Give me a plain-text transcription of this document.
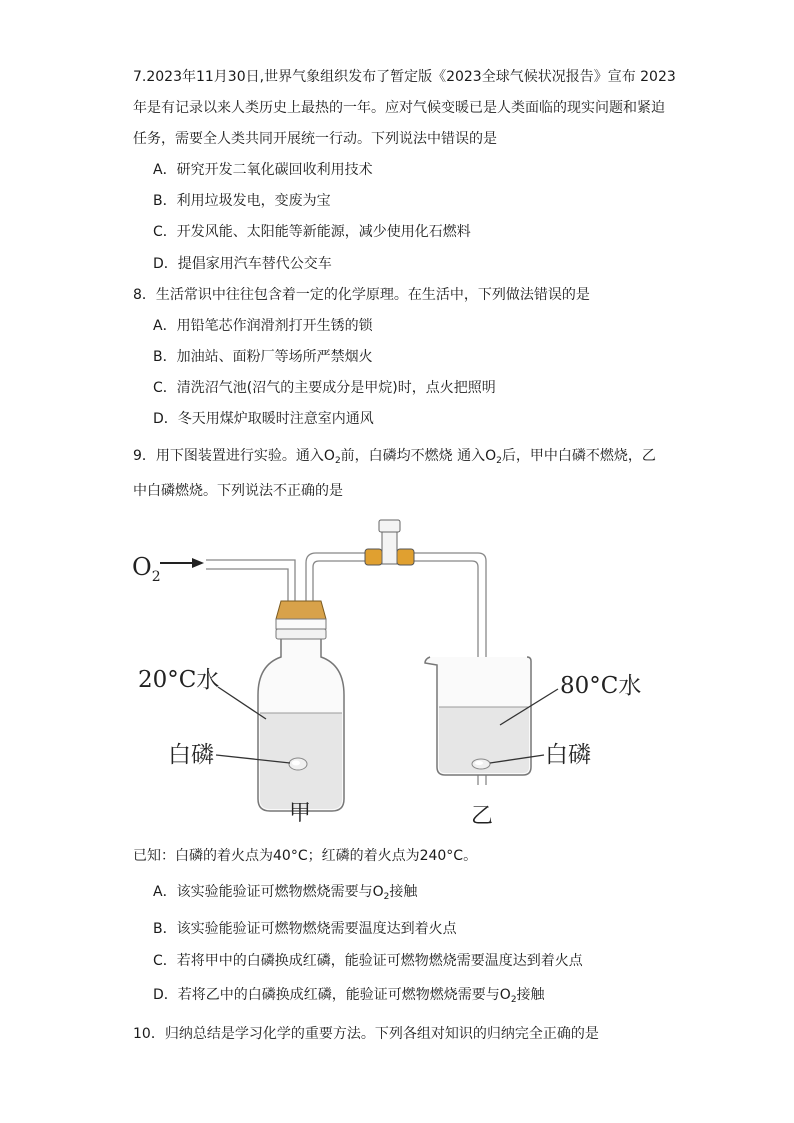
7.2023年11月30日,世界气象组织发布了暂定版《2023全球气候状况报告》宣布 2023
年是有记录以来人类历史上最热的一年。应对气候变暖已是人类面临的现实问题和紧迫
任务，需要全人类共同开展统一行动。下列说法中错误的是
A．研究开发二氧化碳回收利用技术
B．利用垃圾发电，变废为宝
C．开发风能、太阳能等新能源，减少使用化石燃料
D．提倡家用汽车替代公交车
8．生活常识中往往包含着一定的化学原理。在生活中，下列做法错误的是
A．用铅笔芯作润滑剂打开生锈的锁
B．加油站、面粉厂等场所严禁烟火
C．清洗沼气池(沼气的主要成分是甲烷)时，点火把照明
D．冬天用煤炉取暖时注意室内通风
9．用下图装置进行实验。通入$O_2$前，白磷均不燃烧 通入$O_2$后，甲中白磷不燃烧，乙
中白磷燃烧。下列说法不正确的是
$O_2$
20°C水
白磷
80°C水
白磷
甲	乙
已知：白磷的着火点为40°C；红磷的着火点为240°C。
A．该实验能验证可燃物燃烧需要与$O_2$接触
B．该实验能验证可燃物燃烧需要温度达到着火点
C．若将甲中的白磷换成红磷，能验证可燃物燃烧需要温度达到着火点
D．若将乙中的白磷换成红磷，能验证可燃物燃烧需要与$O_2$接触
10．归纳总结是学习化学的重要方法。下列各组对知识的归纳完全正确的是
